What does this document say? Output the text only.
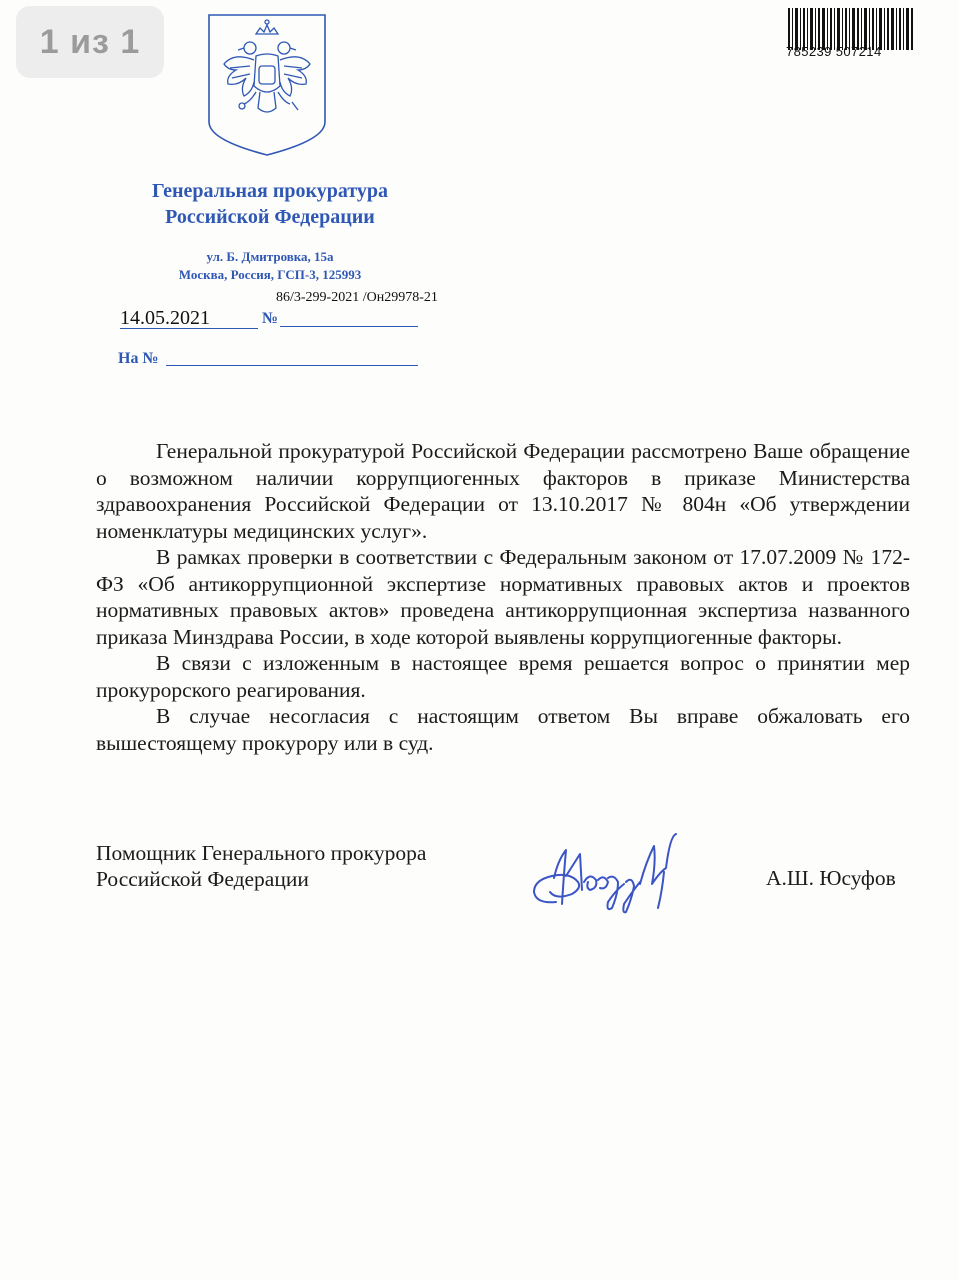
1 из 1	785239 507214
Генеральная прокуратура
Российской Федерации
ул. Б. Дмитровка, 15а
Москва, Россия, ГСП-3, 125993
86/3-299-2021 /Он29978-21
14.05.2021	№
На №

Генеральной прокуратурой Российской Федерации рассмотрено Ваше обращение о возможном наличии коррупциогенных факторов в приказе Министерства здравоохранения Российской Федерации от 13.10.2017 № 804н «Об утверждении номенклатуры медицинских услуг».

В рамках проверки в соответствии с Федеральным законом от 17.07.2009 № 172-ФЗ «Об антикоррупционной экспертизе нормативных правовых актов и проектов нормативных правовых актов» проведена антикоррупционная экспертиза названного приказа Минздрава России, в ходе которой выявлены коррупциогенные факторы.

В связи с изложенным в настоящее время решается вопрос о принятии мер прокурорского реагирования.

В случае несогласия с настоящим ответом Вы вправе обжаловать его вышестоящему прокурору или в суд.

Помощник Генерального прокурора
Российской Федерации	А.Ш. Юсуфов
